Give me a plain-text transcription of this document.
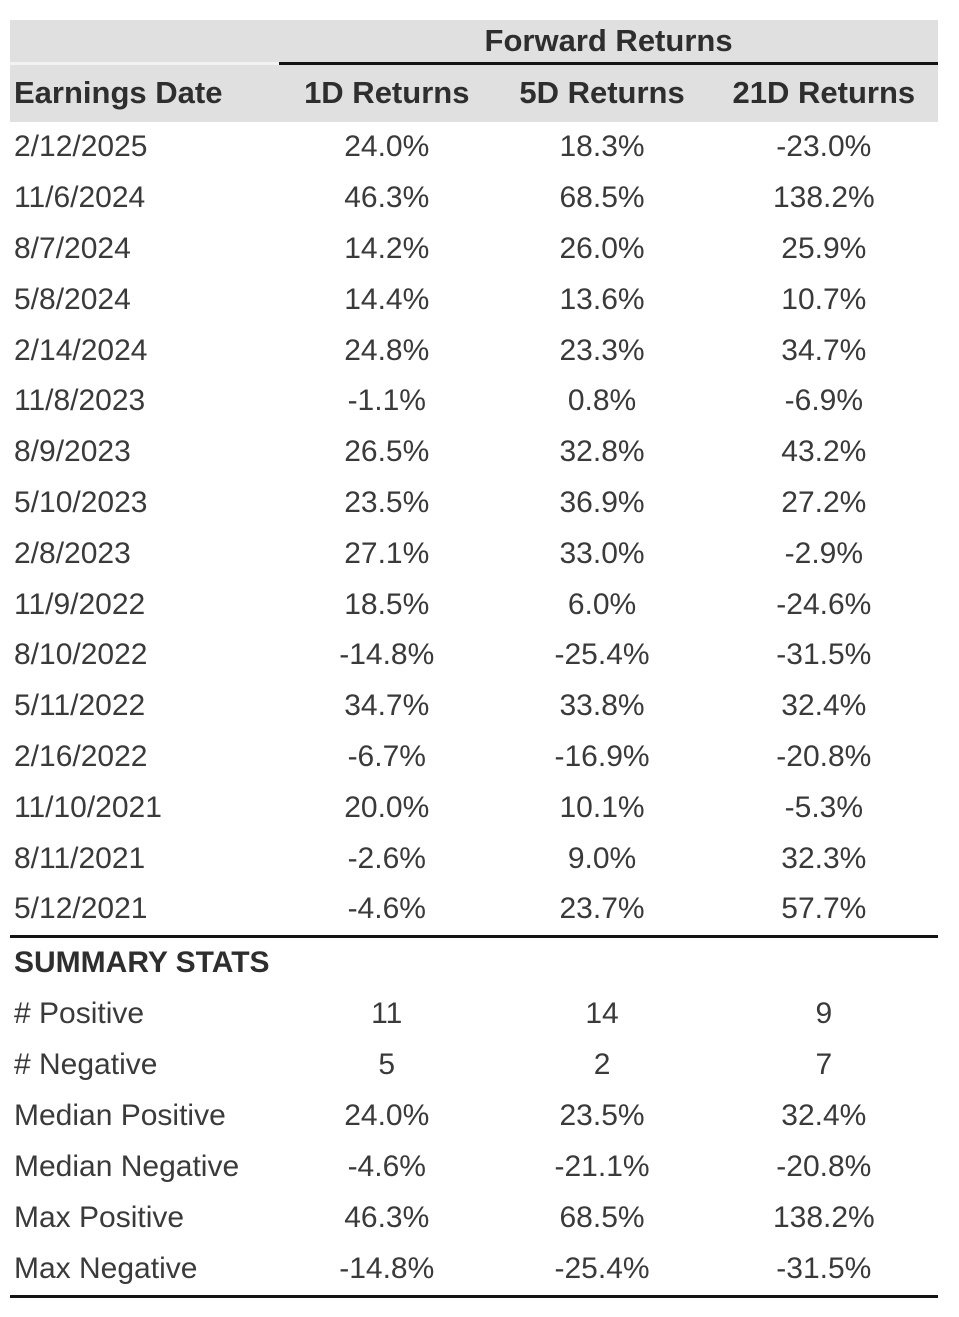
	Forward Returns		
Earnings Date	1D Returns	5D Returns	21D Returns
2/12/2025	24.0%	18.3%	-23.0%
11/6/2024	46.3%	68.5%	138.2%
8/7/2024	14.2%	26.0%	25.9%
5/8/2024	14.4%	13.6%	10.7%
2/14/2024	24.8%	23.3%	34.7%
11/8/2023	-1.1%	0.8%	-6.9%
8/9/2023	26.5%	32.8%	43.2%
5/10/2023	23.5%	36.9%	27.2%
2/8/2023	27.1%	33.0%	-2.9%
11/9/2022	18.5%	6.0%	-24.6%
8/10/2022	-14.8%	-25.4%	-31.5%
5/11/2022	34.7%	33.8%	32.4%
2/16/2022	-6.7%	-16.9%	-20.8%
11/10/2021	20.0%	10.1%	-5.3%
8/11/2021	-2.6%	9.0%	32.3%
5/12/2021	-4.6%	23.7%	57.7%
SUMMARY STATS			
# Positive	11	14	9
# Negative	5	2	7
Median Positive	24.0%	23.5%	32.4%
Median Negative	-4.6%	-21.1%	-20.8%
Max Positive	46.3%	68.5%	138.2%
Max Negative	-14.8%	-25.4%	-31.5%
